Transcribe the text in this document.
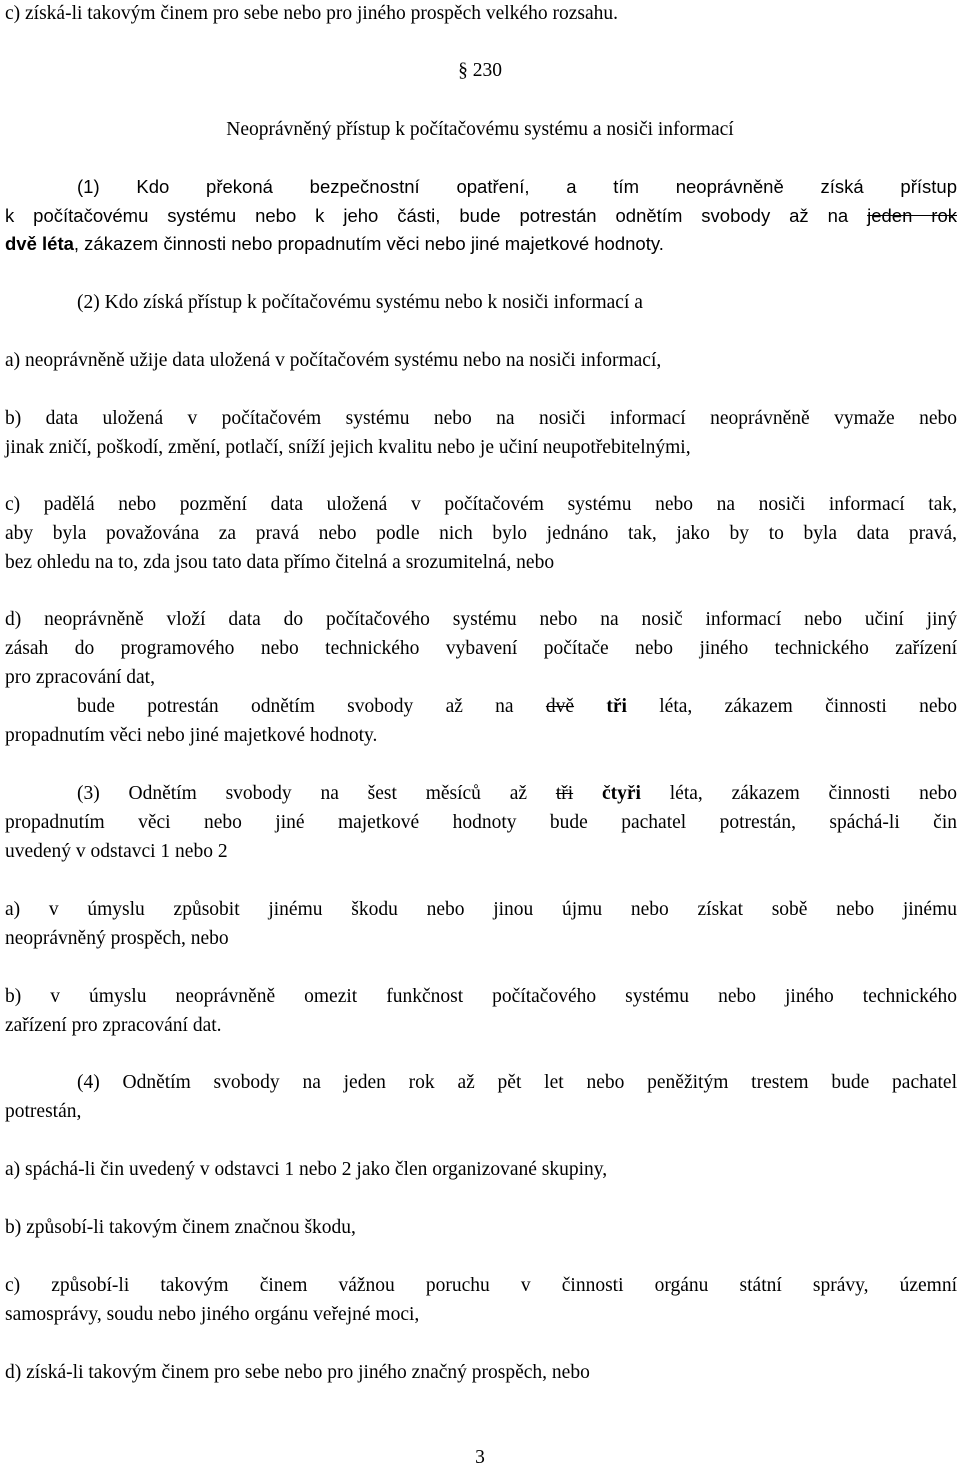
c) získá-li takovým činem pro sebe nebo pro jiného prospěch velkého rozsahu.
§ 230
Neoprávněný přístup k počítačovému systému a nosiči informací
(1) Kdo překoná bezpečnostní opatření, a tím neoprávněně získá přístup
k počítačovému systému nebo k jeho části, bude potrestán odnětím svobody až na jeden rok
dvě léta, zákazem činnosti nebo propadnutím věci nebo jiné majetkové hodnoty.
(2) Kdo získá přístup k počítačovému systému nebo k nosiči informací a
a) neoprávněně užije data uložená v počítačovém systému nebo na nosiči informací,
b) data uložená v počítačovém systému nebo na nosiči informací neoprávněně vymaže nebo
jinak zničí, poškodí, změní, potlačí, sníží jejich kvalitu nebo je učiní neupotřebitelnými,
c) padělá nebo pozmění data uložená v počítačovém systému nebo na nosiči informací tak,
aby byla považována za pravá nebo podle nich bylo jednáno tak, jako by to byla data pravá,
bez ohledu na to, zda jsou tato data přímo čitelná a srozumitelná, nebo
d) neoprávněně vloží data do počítačového systému nebo na nosič informací nebo učiní jiný
zásah do programového nebo technického vybavení počítače nebo jiného technického zařízení
pro zpracování dat,
bude potrestán odnětím svobody až na dvě tři léta, zákazem činnosti nebo
propadnutím věci nebo jiné majetkové hodnoty.
(3) Odnětím svobody na šest měsíců až tři čtyři léta, zákazem činnosti nebo
propadnutím věci nebo jiné majetkové hodnoty bude pachatel potrestán, spáchá-li čin
uvedený v odstavci 1 nebo 2
a) v úmyslu způsobit jinému škodu nebo jinou újmu nebo získat sobě nebo jinému
neoprávněný prospěch, nebo
b) v úmyslu neoprávněně omezit funkčnost počítačového systému nebo jiného technického
zařízení pro zpracování dat.
(4) Odnětím svobody na jeden rok až pět let nebo peněžitým trestem bude pachatel
potrestán,
a) spáchá-li čin uvedený v odstavci 1 nebo 2 jako člen organizované skupiny,
b) způsobí-li takovým činem značnou škodu,
c) způsobí-li takovým činem vážnou poruchu v činnosti orgánu státní správy, územní
samosprávy, soudu nebo jiného orgánu veřejné moci,
d) získá-li takovým činem pro sebe nebo pro jiného značný prospěch, nebo
3
